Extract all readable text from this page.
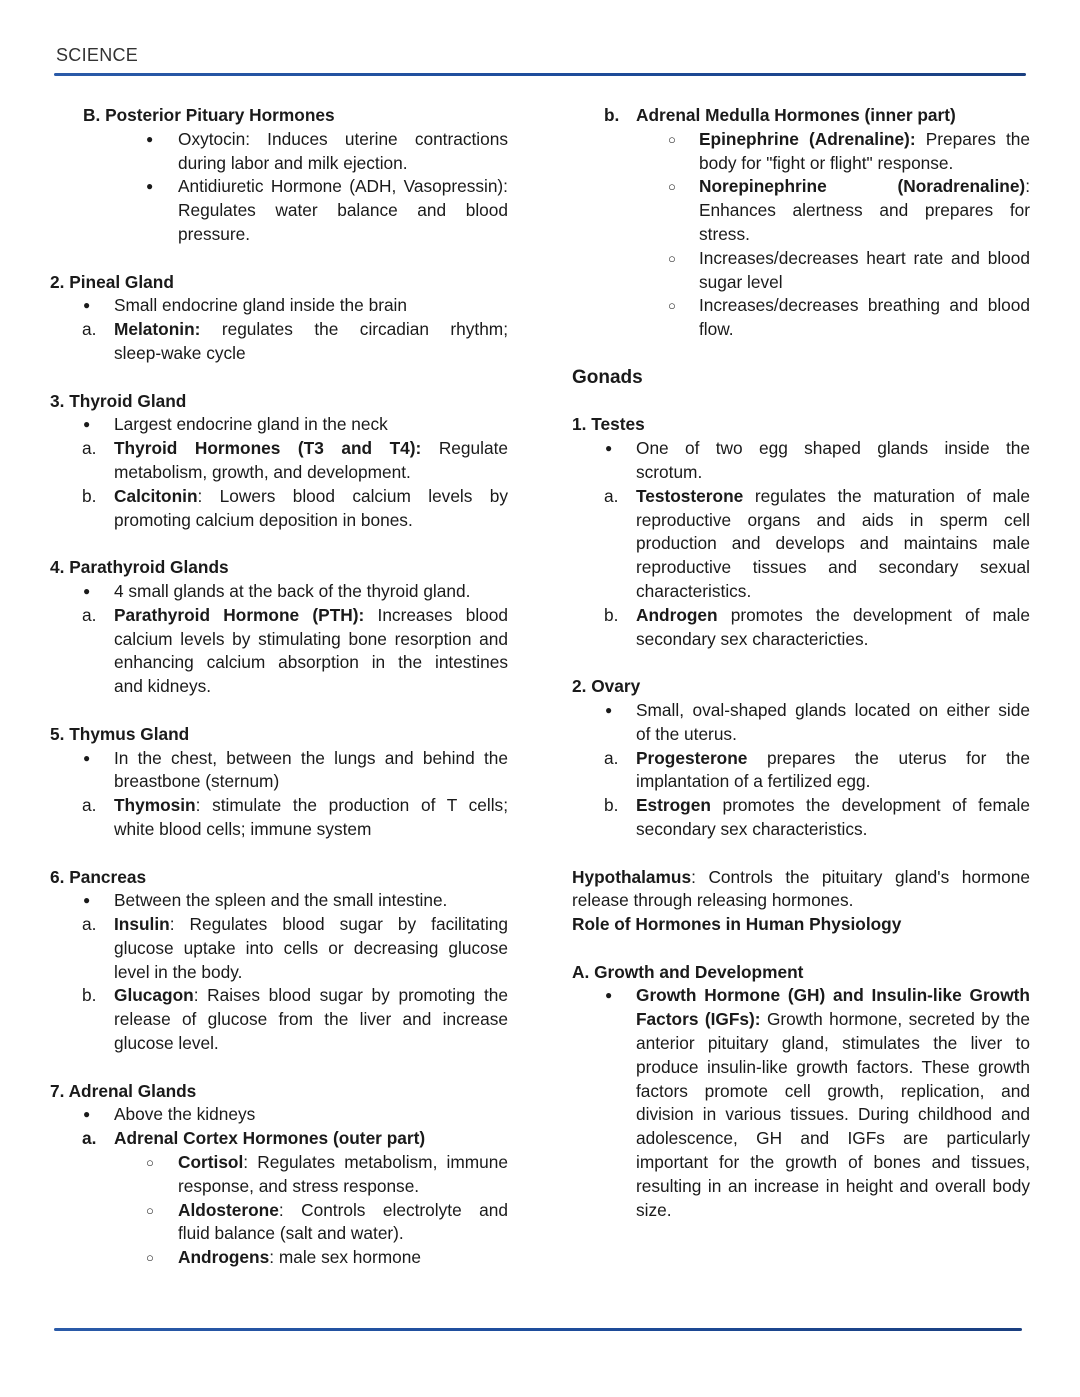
SCIENCE
B. Posterior Pituary Hormones
●
Oxytocin: Induces uterine contractions
during labor and milk ejection.
●
Antidiuretic Hormone (ADH, Vasopressin):
Regulates water balance and blood
pressure.
2. Pineal Gland
●
Small endocrine gland inside the brain
a. Melatonin: regulates the circadian rhythm;
sleep-wake cycle
3. Thyroid Gland
●
Largest endocrine gland in the neck
a. Thyroid Hormones (T3 and T4): Regulate
metabolism, growth, and development.
b. Calcitonin: Lowers blood calcium levels by
promoting calcium deposition in bones.
4. Parathyroid Glands
●
4 small glands at the back of the thyroid gland.
a. Parathyroid Hormone (PTH): Increases blood
calcium levels by stimulating bone resorption and
enhancing calcium absorption in the intestines
and kidneys.
5. Thymus Gland
●
In the chest, between the lungs and behind the
breastbone (sternum)
a. Thymosin: stimulate the production of T cells;
white blood cells; immune system
6. Pancreas
●
Between the spleen and the small intestine.
a. Insulin: Regulates blood sugar by facilitating
glucose uptake into cells or decreasing glucose
level in the body.
b. Glucagon: Raises blood sugar by promoting the
release of glucose from the liver and increase
glucose level.
7. Adrenal Glands
●
Above the kidneys
a. Adrenal Cortex Hormones (outer part)
○
Cortisol: Regulates metabolism, immune
response, and stress response.
○
Aldosterone: Controls electrolyte and
fluid balance (salt and water).
○
Androgens: male sex hormone
b. Adrenal Medulla Hormones (inner part)
○
Epinephrine (Adrenaline): Prepares the
body for "fight or flight" response.
○
Norepinephrine (Noradrenaline):
Enhances alertness and prepares for
stress.
○
Increases/decreases heart rate and blood
sugar level
○
Increases/decreases breathing and blood
flow.
Gonads
1. Testes
●
One of two egg shaped glands inside the
scrotum.
a. Testosterone regulates the maturation of male
reproductive organs and aids in sperm cell
production and develops and maintains male
reproductive tissues and secondary sexual
characteristics.
b. Androgen promotes the development of male
secondary sex charactericties.
2. Ovary
●
Small, oval-shaped glands located on either side
of the uterus.
a. Progesterone prepares the uterus for the
implantation of a fertilized egg.
b. Estrogen promotes the development of female
secondary sex characteristics.
Hypothalamus: Controls the pituitary gland's hormone
release through releasing hormones.
Role of Hormones in Human Physiology
A. Growth and Development
●
Growth Hormone (GH) and Insulin-like Growth
Factors (IGFs): Growth hormone, secreted by the
anterior pituitary gland, stimulates the liver to
produce insulin-like growth factors. These growth
factors promote cell growth, replication, and
division in various tissues. During childhood and
adolescence, GH and IGFs are particularly
important for the growth of bones and tissues,
resulting in an increase in height and overall body
size.
